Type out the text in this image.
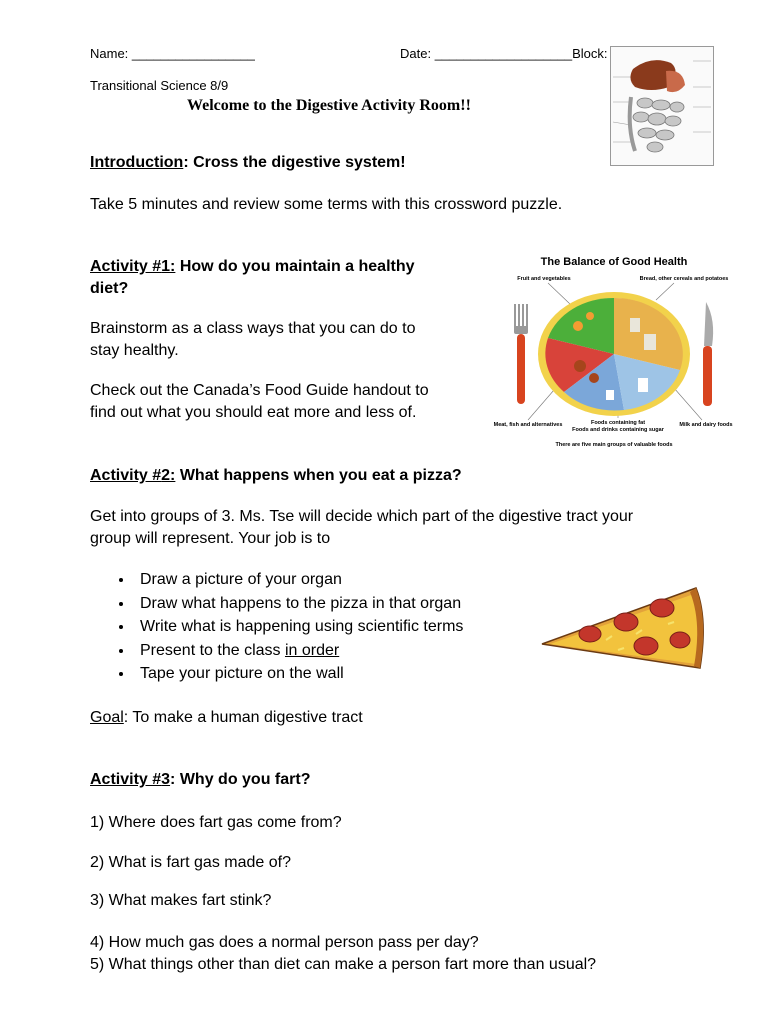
Name: _________________	Date: ___________________Block:
Transitional Science 8/9
Welcome to the Digestive Activity Room!!
Introduction: Cross the digestive system!
Take 5 minutes and review some terms with this crossword puzzle.
Activity #1: How do you maintain a healthy
diet?
Brainstorm as a class ways that you can do to
stay healthy.
Check out the Canada’s Food Guide handout to
find out what you should eat more and less of.
The Balance of Good Health
Fruit and vegetables	Bread, other cereals and potatoes
Meat, fish and alternatives	Foods containing fat
Foods and drinks containing sugar
Milk and dairy foods
There are five main groups of valuable foods
Activity #2: What happens when you eat a pizza?
Get into groups of 3. Ms. Tse will decide which part of the digestive tract your
group will represent. Your job is to
• Draw a picture of your organ
• Draw what happens to the pizza in that organ
• Write what is happening using scientific terms
• Present to the class in order
• Tape your picture on the wall
Goal: To make a human digestive tract
Activity #3: Why do you fart?
1) Where does fart gas come from?
2) What is fart gas made of?
3) What makes fart stink?
4) How much gas does a normal person pass per day?
5) What things other than diet can make a person fart more than usual?
